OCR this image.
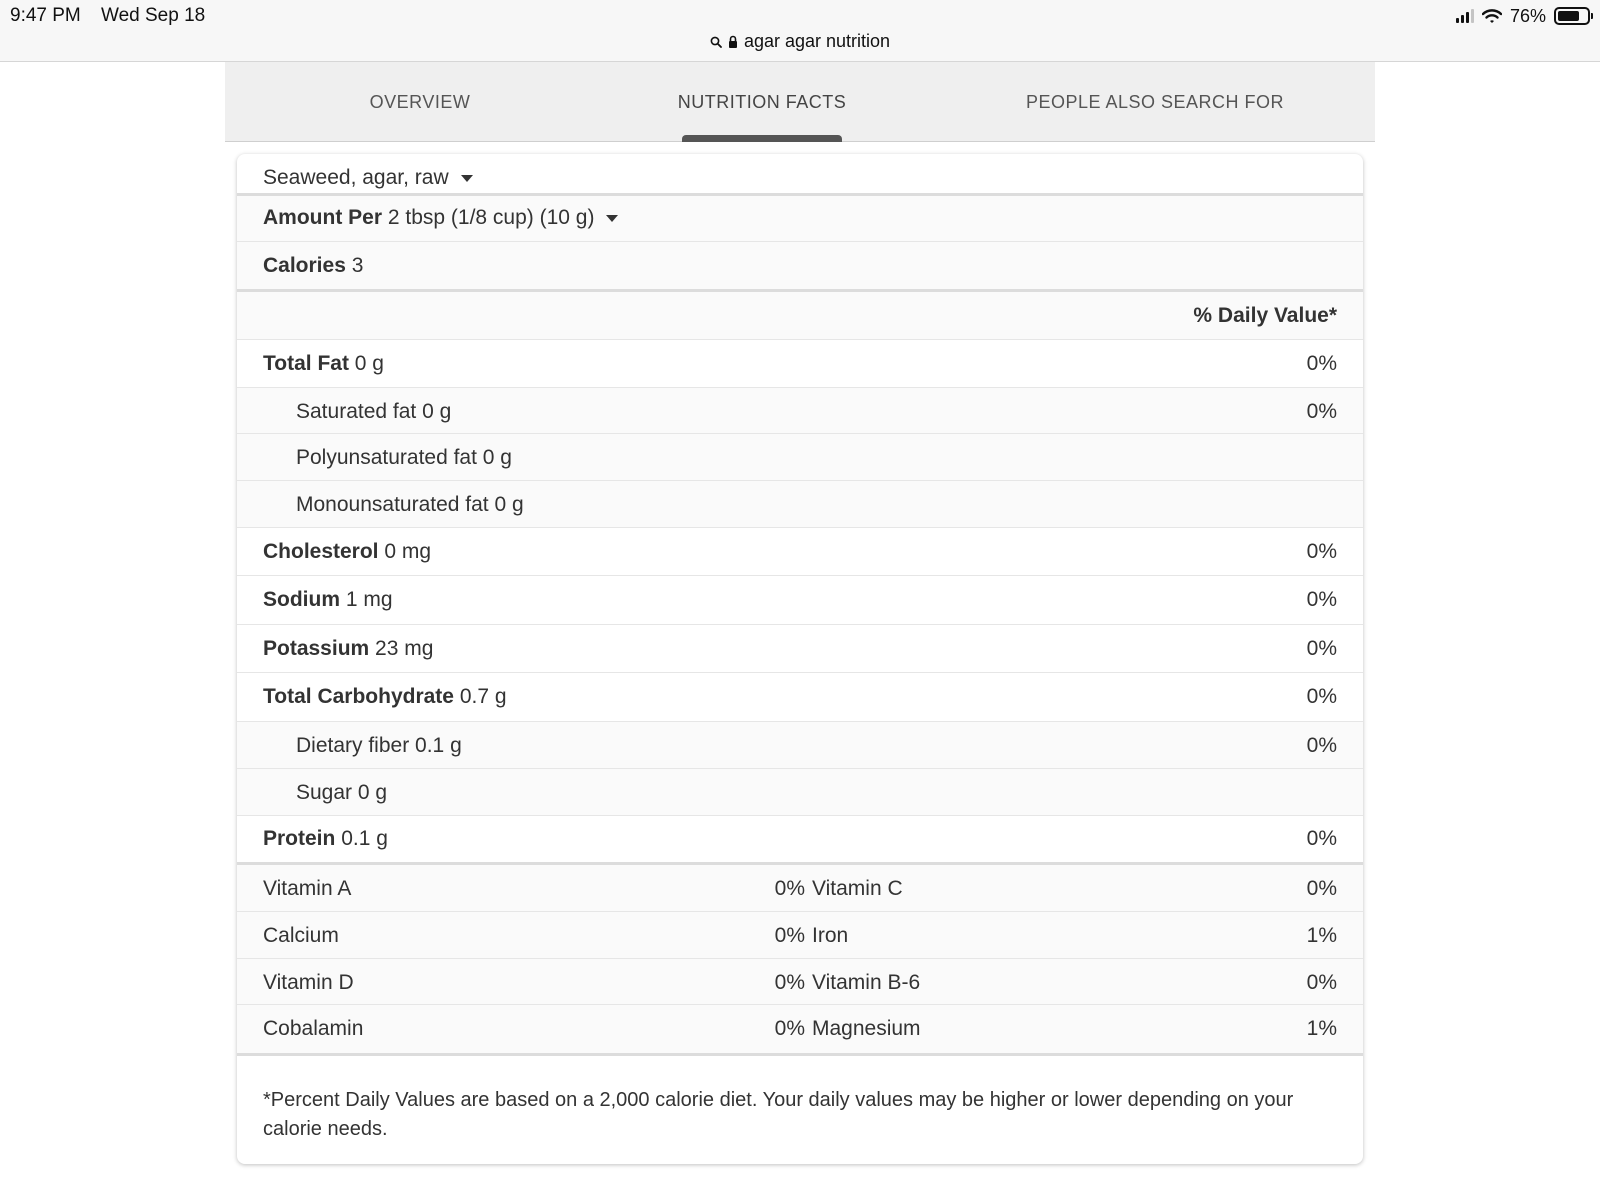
9:47 PM Wed Sep 18	76%
agar agar nutrition
OVERVIEW	NUTRITION FACTS	PEOPLE ALSO SEARCH FOR
Seaweed, agar, raw
Amount Per 2 tbsp (1/8 cup) (10 g)
Calories 3
% Daily Value*
Total Fat 0 g	0%
Saturated fat 0 g	0%
Polyunsaturated fat 0 g
Monounsaturated fat 0 g
Cholesterol 0 mg	0%
Sodium 1 mg	0%
Potassium 23 mg	0%
Total Carbohydrate 0.7 g	0%
Dietary fiber 0.1 g	0%
Sugar 0 g
Protein 0.1 g	0%
Vitamin A	0% Vitamin C	0%
Calcium	0% Iron	1%
Vitamin D	0% Vitamin B-6	0%
Cobalamin	0% Magnesium	1%

*Percent Daily Values are based on a 2,000 calorie diet. Your daily values may be higher or lower depending on your calorie needs.
